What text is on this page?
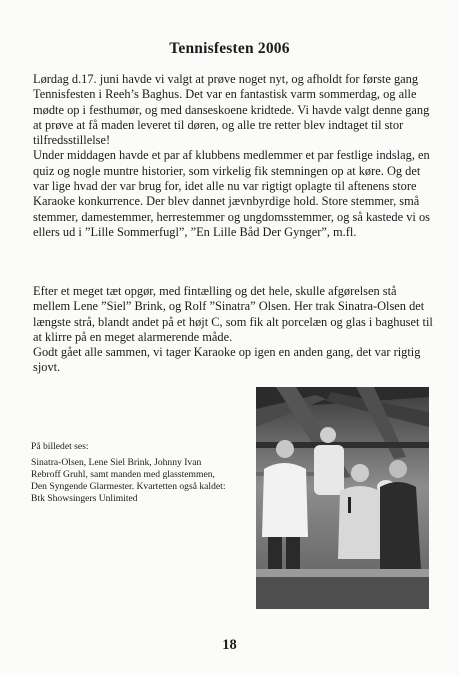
Tennisfesten 2006

Lørdag d.17. juni havde vi valgt at prøve noget nyt, og afholdt for første gang Tennisfesten i Reeh’s Baghus. Det var en fantastisk varm sommerdag, og alle mødte op i festhumør, og med danseskoene kridtede. Vi havde valgt denne gang at prøve at få maden leveret til døren, og alle tre retter blev indtaget til stor tilfredsstillelse!

Under middagen havde et par af klubbens medlemmer et par festlige indslag, en quiz og nogle muntre historier, som virkelig fik stemningen op at køre. Og det var lige hvad der var brug for, idet alle nu var rigtigt oplagte til aftenens store Karaoke konkurrence. Der blev dannet jævnbyrdige hold. Store stemmer, små stemmer, damestemmer, herrestemmer og ungdomsstemmer, og så kastede vi os ellers ud i ”Lille Sommerfugl”, ”En Lille Båd Der Gynger”, m.fl.

Efter et meget tæt opgør, med fintælling og det hele, skulle afgørelsen stå mellem Lene ”Siel” Brink, og Rolf ”Sinatra” Olsen. Her trak Sinatra-Olsen det længste strå, blandt andet på et højt C, som fik alt porcelæn og glas i baghuset til at klirre på en meget alarmerende måde.

Godt gået alle sammen, vi tager Karaoke op igen en anden gang, det var rigtig sjovt.

På billedet ses:

Sinatra-Olsen, Lene Siel Brink, Johnny Ivan

Rebroff Gruhl, samt manden med glasstemmen,

Den Syngende Glarmester. Kvartetten også kaldet:

Btk Showsingers Unlimited

18
